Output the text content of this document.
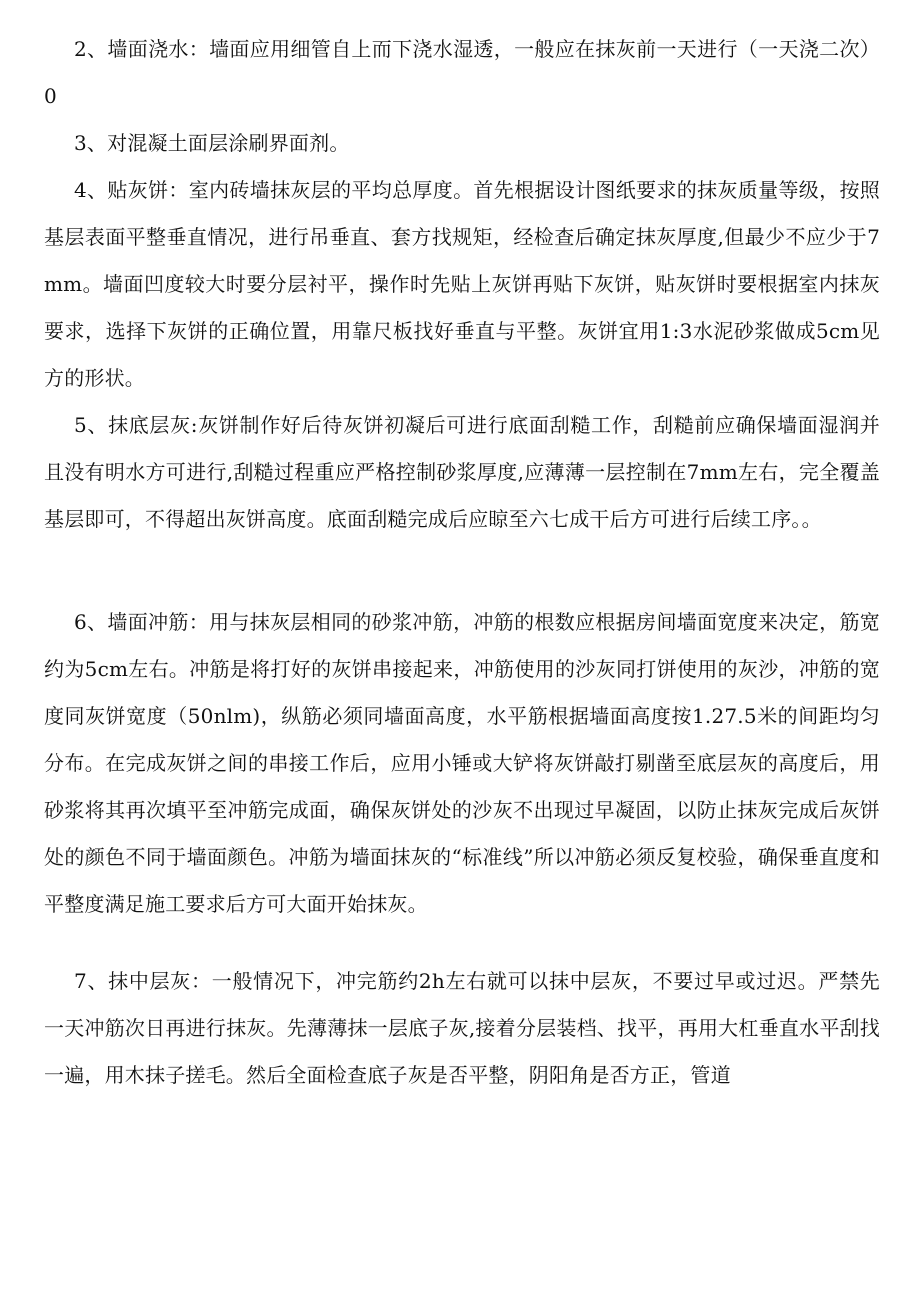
2、墙面浇水：墙面应用细管自上而下浇水湿透，一般应在抹灰前一天进行（一天浇二次）0

3、对混凝土面层涂刷界面剂。

4、贴灰饼：室内砖墙抹灰层的平均总厚度。首先根据设计图纸要求的抹灰质量等级，按照基层表面平整垂直情况，进行吊垂直、套方找规矩，经检查后确定抹灰厚度,但最少不应少于7mm。墙面凹度较大时要分层衬平，操作时先贴上灰饼再贴下灰饼，贴灰饼时要根据室内抹灰要求，选择下灰饼的正确位置，用靠尺板找好垂直与平整。灰饼宜用1:3水泥砂浆做成5cm见方的形状。

5、抹底层灰:灰饼制作好后待灰饼初凝后可进行底面刮糙工作，刮糙前应确保墙面湿润并且没有明水方可进行,刮糙过程重应严格控制砂浆厚度,应薄薄一层控制在7mm左右，完全覆盖基层即可，不得超出灰饼高度。底面刮糙完成后应晾至六七成干后方可进行后续工序。。

6、墙面冲筋：用与抹灰层相同的砂浆冲筋，冲筋的根数应根据房间墙面宽度来决定，筋宽约为5cm左右。冲筋是将打好的灰饼串接起来，冲筋使用的沙灰同打饼使用的灰沙，冲筋的宽度同灰饼宽度（50nlm)，纵筋必须同墙面高度，水平筋根据墙面高度按1.27.5米的间距均匀分布。在完成灰饼之间的串接工作后，应用小锤或大铲将灰饼敲打剔凿至底层灰的高度后，用砂浆将其再次填平至冲筋完成面，确保灰饼处的沙灰不出现过早凝固，以防止抹灰完成后灰饼处的颜色不同于墙面颜色。冲筋为墙面抹灰的“标准线”所以冲筋必须反复校验，确保垂直度和平整度满足施工要求后方可大面开始抹灰。

7、抹中层灰：一般情况下，冲完筋约2h左右就可以抹中层灰，不要过早或过迟。严禁先一天冲筋次日再进行抹灰。先薄薄抹一层底子灰,接着分层装档、找平，再用大杠垂直水平刮找一遍，用木抹子搓毛。然后全面检查底子灰是否平整，阴阳角是否方正，管道
